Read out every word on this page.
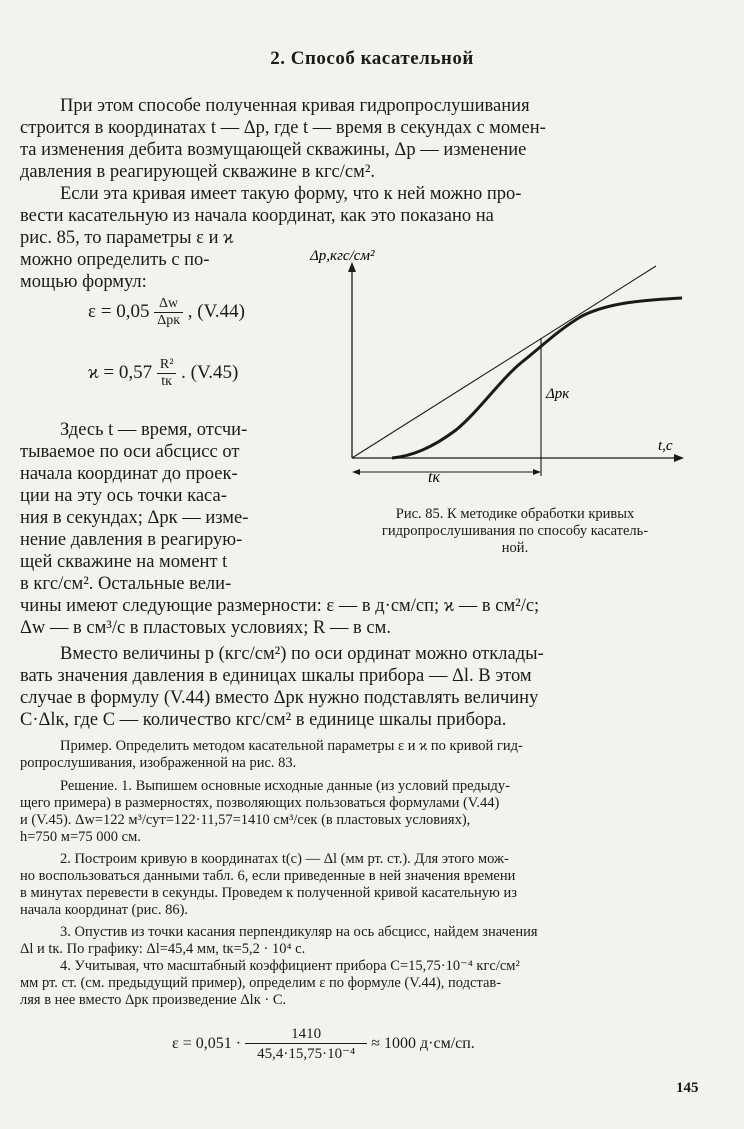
2. Способ касательной
При этом способе полученная кривая гидропрослушивания
строится в координатах t — Δp, где t — время в секундах с момен-
та изменения дебита возмущающей скважины, Δp — изменение
давления в реагирующей скважине в кгс/см².
Если эта кривая имеет такую форму, что к ней можно про-
вести касательную из начала координат, как это показано на
рис. 85, то параметры ε и ϰ
можно определить с по-
мощью формул:
$\varepsilon = 0,05 \frac{\Delta w}{\text{Δpк}}$ , (V.44)
$ϰ = 0,57 \frac{\text{R²}}{tк}$ . (V.45)
Здесь t — время, отсчи-
тываемое по оси абсцисс от
начала координат до проек-
ции на эту ось точки каса-
ния в секундах; Δpк — изме-
нение давления в реагирую-
щей скважине на момент t
в кгс/см². Остальные вели-
Δp,кгс/см²
t,c
Δpк
tк
Рис. 85. К методике обработки кривых
гидропрослушивания по способу касатель-
ной.
чины имеют следующие размерности: ε — в д·см/сп; ϰ — в см²/с;
Δw — в см³/с в пластовых условиях; R — в см.
Вместо величины p (кгс/см²) по оси ординат можно отклады-
вать значения давления в единицах шкалы прибора — Δl. В этом
случае в формулу (V.44) вместо Δpк нужно подставлять величину
C·Δlк, где C — количество кгс/см² в единице шкалы прибора.
Пример. Определить методом касательной параметры ε и ϰ по кривой гид-
ропрослушивания, изображенной на рис. 83.
Решение. 1. Выпишем основные исходные данные (из условий предыду-
щего примера) в размерностях, позволяющих пользоваться формулами (V.44)
и (V.45). Δw=122 м³/сут=122·11,57=1410 см³/сек (в пластовых условиях),
h=750 м=75 000 см.
2. Построим кривую в координатах t(c) — Δl (мм рт. ст.). Для этого мож-
но воспользоваться данными табл. 6, если приведенные в ней значения времени
в минутах перевести в секунды. Проведем к полученной кривой касательную из
начала координат (рис. 86).
3. Опустив из точки касания перпендикуляр на ось абсцисс, найдем значения
Δl и tк. По графику: Δl=45,4 мм, tк=5,2 · 10⁴ с.
4. Учитывая, что масштабный коэффициент прибора C=15,75·10⁻⁴ кгс/см²
мм рт. ст. (см. предыдущий пример), определим ε по формуле (V.44), подстав-
ляя в нее вместо Δpк произведение Δlк · C.
$\varepsilon = 0,051 \cdot \frac{1410}{\text{45,4·15,75·10⁻⁴}} \approx 1000$ д·см/сп.
145
